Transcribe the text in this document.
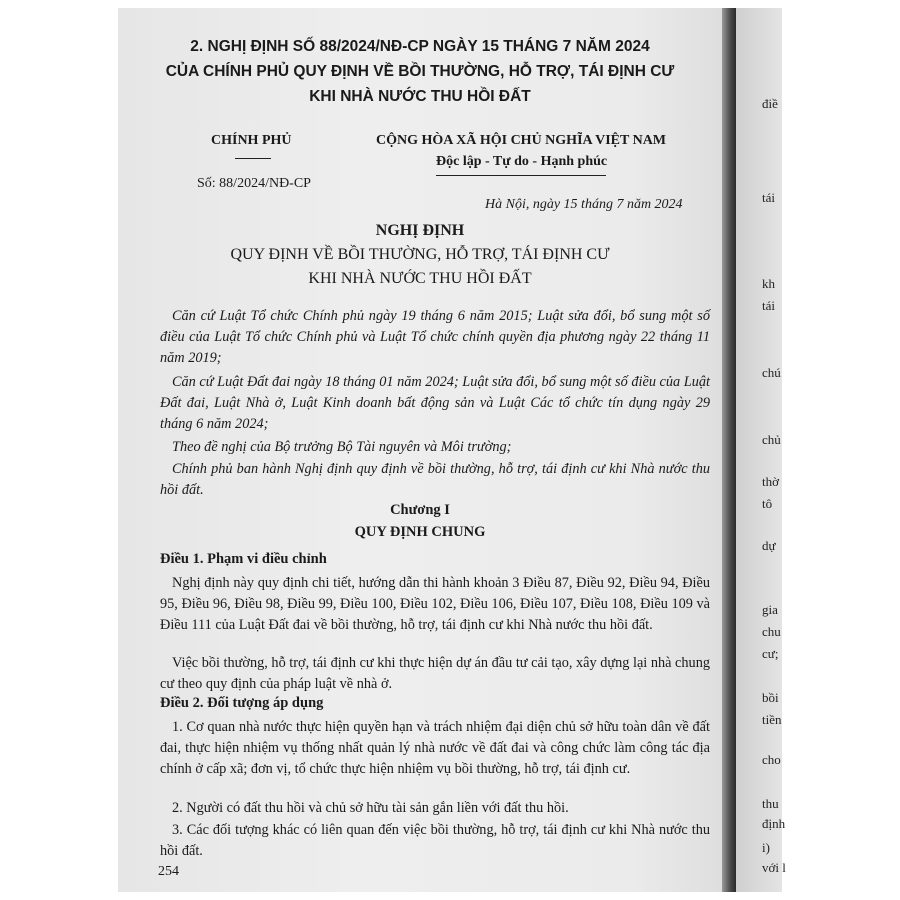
2. NGHỊ ĐỊNH SỐ 88/2024/NĐ-CP NGÀY 15 THÁNG 7 NĂM 2024
CỦA CHÍNH PHỦ QUY ĐỊNH VỀ BỒI THƯỜNG, HỖ TRỢ, TÁI ĐỊNH CƯ
KHI NHÀ NƯỚC THU HỒI ĐẤT
CHÍNH PHỦ
Số: 88/2024/NĐ-CP
CỘNG HÒA XÃ HỘI CHỦ NGHĨA VIỆT NAM
Độc lập - Tự do - Hạnh phúc
Hà Nội, ngày 15 tháng 7 năm 2024
NGHỊ ĐỊNH
QUY ĐỊNH VỀ BỒI THƯỜNG, HỖ TRỢ, TÁI ĐỊNH CƯ
KHI NHÀ NƯỚC THU HỒI ĐẤT
Căn cứ Luật Tổ chức Chính phủ ngày 19 tháng 6 năm 2015; Luật sửa đổi, bổ sung một số điều của Luật Tổ chức Chính phủ và Luật Tổ chức chính quyền địa phương ngày 22 tháng 11 năm 2019;
Căn cứ Luật Đất đai ngày 18 tháng 01 năm 2024; Luật sửa đổi, bổ sung một số điều của Luật Đất đai, Luật Nhà ở, Luật Kinh doanh bất động sản và Luật Các tổ chức tín dụng ngày 29 tháng 6 năm 2024;
Theo đề nghị của Bộ trưởng Bộ Tài nguyên và Môi trường;
Chính phủ ban hành Nghị định quy định về bồi thường, hỗ trợ, tái định cư khi Nhà nước thu hồi đất.
Chương I
QUY ĐỊNH CHUNG
Điều 1. Phạm vi điều chỉnh
Nghị định này quy định chi tiết, hướng dẫn thi hành khoản 3 Điều 87, Điều 92, Điều 94, Điều 95, Điều 96, Điều 98, Điều 99, Điều 100, Điều 102, Điều 106, Điều 107, Điều 108, Điều 109 và Điều 111 của Luật Đất đai về bồi thường, hỗ trợ, tái định cư khi Nhà nước thu hồi đất.
Việc bồi thường, hỗ trợ, tái định cư khi thực hiện dự án đầu tư cải tạo, xây dựng lại nhà chung cư theo quy định của pháp luật về nhà ở.
Điều 2. Đối tượng áp dụng
1. Cơ quan nhà nước thực hiện quyền hạn và trách nhiệm đại diện chủ sở hữu toàn dân về đất đai, thực hiện nhiệm vụ thống nhất quản lý nhà nước về đất đai và công chức làm công tác địa chính ở cấp xã; đơn vị, tổ chức thực hiện nhiệm vụ bồi thường, hỗ trợ, tái định cư.
2. Người có đất thu hồi và chủ sở hữu tài sản gắn liền với đất thu hồi.
3. Các đối tượng khác có liên quan đến việc bồi thường, hỗ trợ, tái định cư khi Nhà nước thu hồi đất.
254
điề
tái
kh
tái
chú
chủ
thờ
tô
dự
gia
chu
cư;
bồi
tiền
cho
thu
định
i)
với l
